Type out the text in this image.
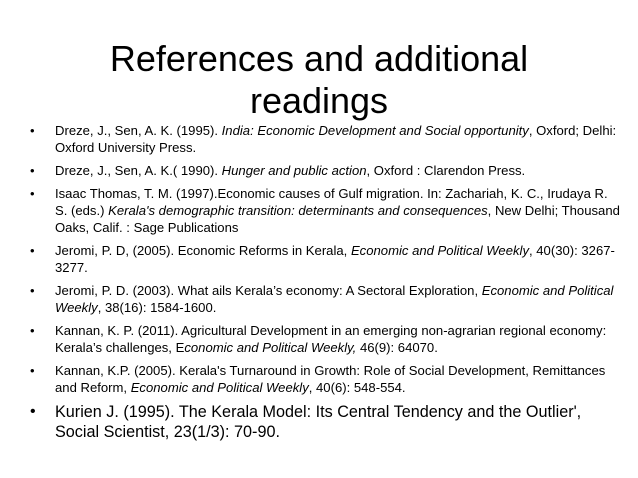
References and additional
readings
• Dreze, J., Sen, A. K. (1995). India: Economic Development and Social opportunity, Oxford; Delhi: Oxford University Press.
• Dreze, J., Sen, A. K.( 1990). Hunger and public action, Oxford : Clarendon Press.
• Isaac Thomas, T. M. (1997).Economic causes of Gulf migration. In: Zachariah, K. C., Irudaya R. S. (eds.) Kerala's demographic transition: determinants and consequences, New Delhi; Thousand Oaks, Calif. : Sage Publications
• Jeromi, P. D, (2005). Economic Reforms in Kerala, Economic and Political Weekly, 40(30): 3267-3277.
• Jeromi, P. D. (2003). What ails Kerala’s economy: A Sectoral Exploration, Economic and Political Weekly, 38(16): 1584-1600.
• Kannan, K. P. (2011). Agricultural Development in an emerging non-agrarian regional economy: Kerala’s challenges, Economic and Political Weekly, 46(9): 64070.
• Kannan, K.P. (2005). Kerala's Turnaround in Growth: Role of Social Development, Remittances and Reform, Economic and Political Weekly, 40(6): 548-554.
• Kurien J. (1995). The Kerala Model: Its Central Tendency and the Outlier', Social Scientist, 23(1/3): 70-90.
